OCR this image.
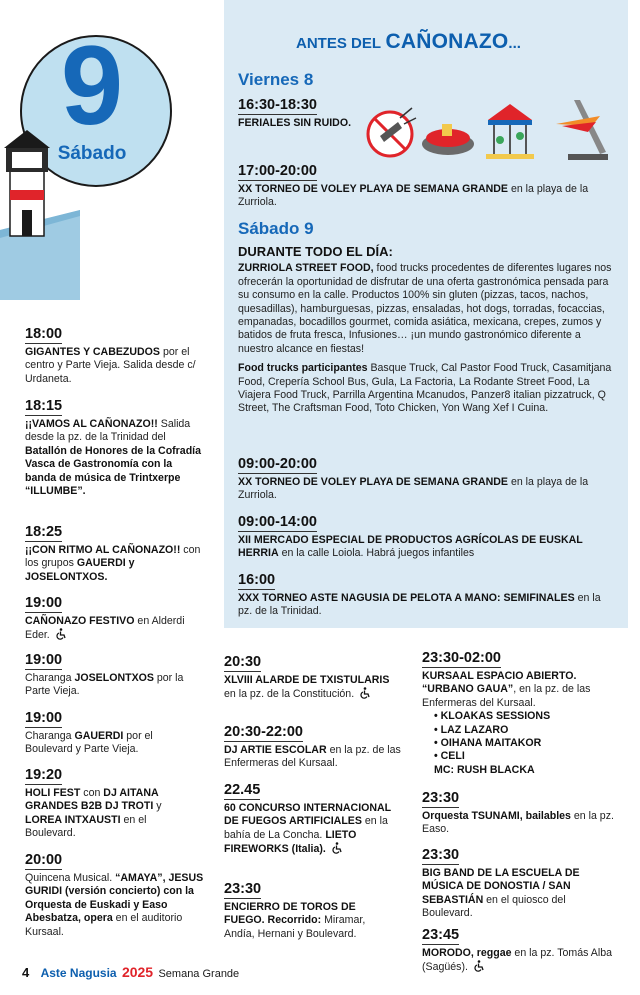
9
Sábado
ANTES DEL CAÑONAZO...
Viernes 8
16:30-18:30
FERIALES SIN RUIDO.
17:00-20:00
XX TORNEO DE VOLEY PLAYA DE SEMANA GRANDE en la playa de la Zurriola.
Sábado 9
DURANTE TODO EL DÍA:
ZURRIOLA STREET FOOD, food trucks procedentes de diferentes lugares nos ofrecerán la oportunidad de disfrutar de una oferta gastronómica pensada para su consumo en la calle. Productos 100% sin gluten (pizzas, tacos, nachos, quesadillas), hamburguesas, pizzas, ensaladas, hot dogs, torradas, focaccias, empanadas, bocadillos gourmet, comida asiática, mexicana, crepes, zumos y batidos de fruta fresca, Infusiones… ¡un mundo gastronómico diferente a nuestro alcance en fiestas!
Food trucks participantes Basque Truck, Cal Pastor Food Truck, Casamitjana Food, Crepería School Bus, Gula, La Factoria, La Rodante Street Food, La Viajera Food Truck, Parrilla Argentina Mcanudos, Panzer8 italian pizzatruck, Q Street, The Craftsman Food, Toto Chicken, Yon Wang Xef I Cuina.
09:00-20:00
XX TORNEO DE VOLEY PLAYA DE SEMANA GRANDE en la playa de la Zurriola.
09:00-14:00
XII MERCADO ESPECIAL DE PRODUCTOS AGRÍCOLAS DE EUSKAL HERRIA en la calle Loiola. Habrá juegos infantiles
16:00
XXX TORNEO ASTE NAGUSIA DE PELOTA A MANO: SEMIFINALES en la pz. de la Trinidad.
18:00
GIGANTES Y CABEZUDOS por el centro y Parte Vieja. Salida desde c/ Urdaneta.
18:15
¡¡VAMOS AL CAÑONAZO!! Salida desde la pz. de la Trinidad del Batallón de Honores de la Cofradía Vasca de Gastronomía con la banda de música de Trintxerpe “ILLUMBE”.
18:25
¡¡CON RITMO AL CAÑONAZO!! con los grupos GAUERDI y JOSELONTXOS.
19:00
CAÑONAZO FESTIVO en Alderdi Eder.
19:00
Charanga JOSELONTXOS por la Parte Vieja.
19:00
Charanga GAUERDI por el Boulevard y Parte Vieja.
19:20
HOLI FEST con DJ AITANA GRANDES B2B DJ TROTI y LOREA INTXAUSTI en el Boulevard.
20:00
Quincena Musical. “AMAYA”, JESUS GURIDI (versión concierto) con la Orquesta de Euskadi y Easo Abesbatza, opera en el auditorio Kursaal.
20:30
XLVIII ALARDE DE TXISTULARIS en la pz. de la Constitución.
20:30-22:00
DJ ARTIE ESCOLAR en la pz. de las Enfermeras del Kursaal.
22.45
60 CONCURSO INTERNACIONAL DE FUEGOS ARTIFICIALES en la bahía de La Concha. LIETO FIREWORKS (Italia).
23:30
ENCIERRO DE TOROS DE FUEGO. Recorrido: Miramar, Andía, Hernani y Boulevard.
23:30-02:00
KURSAAL ESPACIO ABIERTO. “URBANO GAUA”, en la pz. de las Enfermeras del Kursaal.
• KLOAKAS SESSIONS
• LAZ LAZARO
• OIHANA MAITAKOR
• CELI
MC: RUSH BLACKA
23:30
Orquesta TSUNAMI, bailables en la pz. Easo.
23:30
BIG BAND DE LA ESCUELA DE MÚSICA DE DONOSTIA / SAN SEBASTIÁN en el quiosco del Boulevard.
23:45
MORODO, reggae en la pz. Tomás Alba (Sagüés).
4 Aste Nagusia 2025 Semana Grande
